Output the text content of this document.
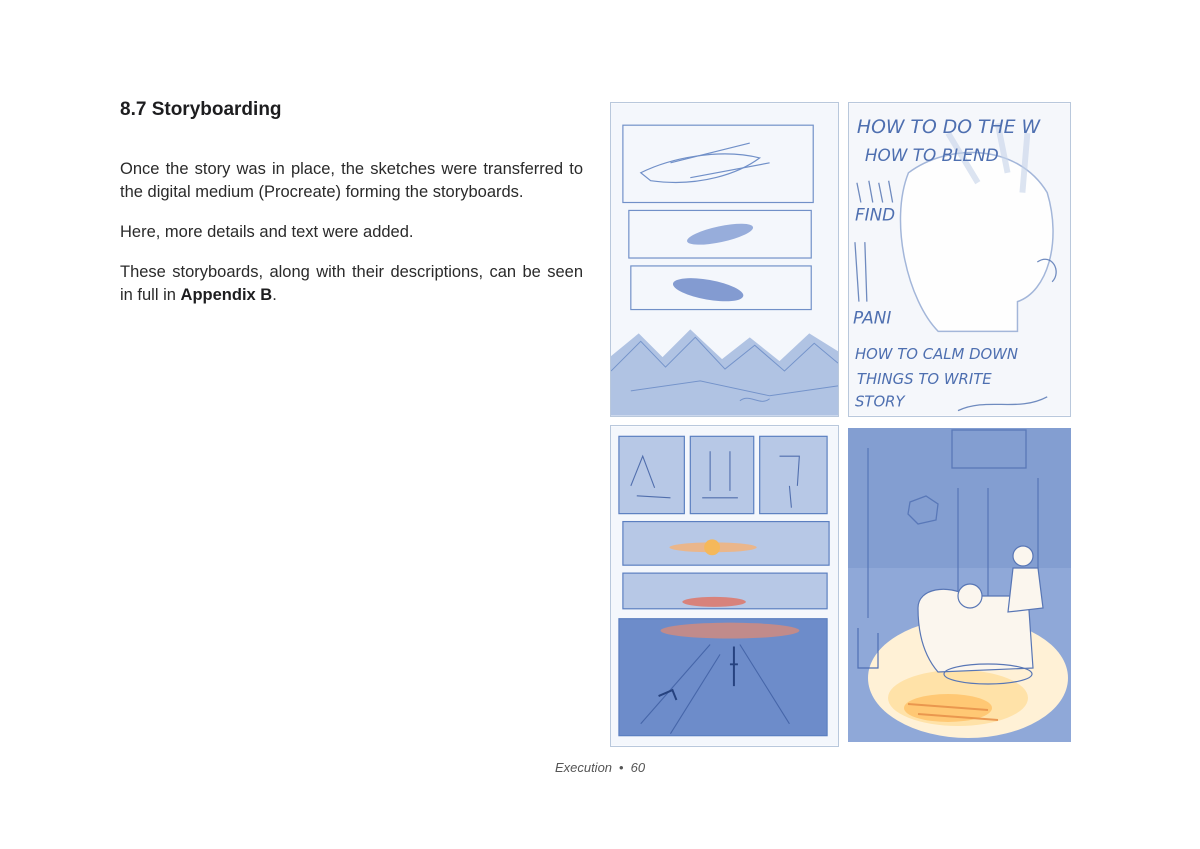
8.7 Storyboarding

Once the story was in place, the sketches were transferred to the digital medium (Procreate) forming the storyboards.

Here, more details and text were added.

These storyboards, along with their descriptions, can be seen in full in Appendix B.

HOW TO DO THE W
HOW TO BLEND
FIND
PANI
HOW TO CALM DOWN
THINGS TO WRITE
STORY
Execution • 60
